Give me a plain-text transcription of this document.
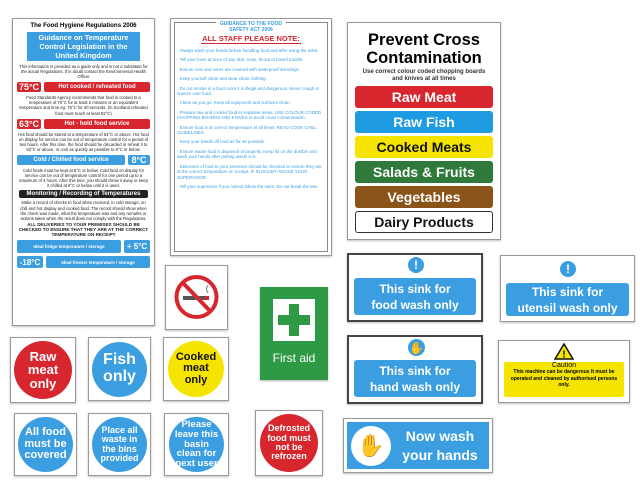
The Food Hygiene Regulations 2006
Guidance on Temperature Control Legislation in the United Kingdom
This information is provided as a guide only and is not a substitute for the actual Regulations. If in doubt contact the Environmental Health Officer
75°C	Hot cooked / reheated food
Food Standards Agency recommends that food is cooked to a temperature of 70°C for at least 2 minutes or an equivalent temperature and time eg. 75°C for 30 seconds. (In Scotland reheated food must reach at least 82°C)
63°C	Hot - hold food service
Hot food should be stored at a temperature of 63°C or above. Hot food on display for service can be out of temperature control for a period of two hours. After this time, the food should be discarded or reheat it to 63°C or above, or cool as quickly as possible to 8°C or below.
Cold / Chilled food service	8°C
Cold foods must be kept at 8°C or below. Cold food on display for service can be out of temperature control for one period up to a maximum of 4 hours. After this time, you should throw it away or keep it chilled at 8°C or below until it is used.
Monitoring / Recording of Temperatures
Make a record of checks to food when received, in cold storage, on chill and hot display and cooked food. The record should show when the check was made, what the temperature was and any remarks or actions taken when the result does not comply with the Regulations.
ALL DELIVERIES TO YOUR PREMISES SHOULD BE CHECKED TO ENSURE THAT THEY ARE AT THE CORRECT TEMPERATURE ON RECEIPT
Ideal fridge temperature / storage	+ 5°C
-18°C	Ideal freezer temperature / storage
GUIDANCE TO THE FOOD SAFETY ACT 2006
ALL STAFF PLEASE NOTE:

· Always wash your hands before handling food and after using the toilet.

· Tell your boss at once of any skin, nose, throat or bowel trouble.

· Ensure cuts and sores are covered with waterproof dressings.

· Keep yourself clean and wear clean clothing.

· Do not smoke in a food room it is illegal and dangerous. Never cough or sneeze over food.

· Clean as you go. Keep all equipment and surfaces clean.

· Prepare raw and cooked food in separate areas. USE COLOUR CODED CHOPPING BOARDS AND KNIVES to avoid cross contamination.

· Ensure food is at correct temperature at all times. READ COOK CHILL GUIDELINES.

· Keep your hands off food as far as possible.

· Ensure waste food is disposed of properly. Keep lid on the dustbin and wash your hands after putting waste in it.

· Deliveries of food to your premises should be checked to ensure they are at the correct temperature on receipt. IF IN DOUBT ADVISE YOUR SUPERVISOR.

· Tell your supervisor if you cannot follow the rules. Do not break the law.

Prevent Cross Contamination
Use correct colour coded chopping boards and knives at all times
Raw Meat
Raw Fish
Cooked Meats
Salads & Fruits
Vegetables
Dairy Products
First aid
!
This sink for
food wash only
!
This sink for
utensil wash only
✋
This sink for
hand wash only
!
Caution
This machine can be dangerous It must be operated and cleaned by authorised persons only.
Raw meat only
Fish only
Cooked meat only
All food must be covered
Place all waste in the bins provided
Please leave this basin clean for next user
Defrosted food must not be refrozen	✋	Now wash your hands
